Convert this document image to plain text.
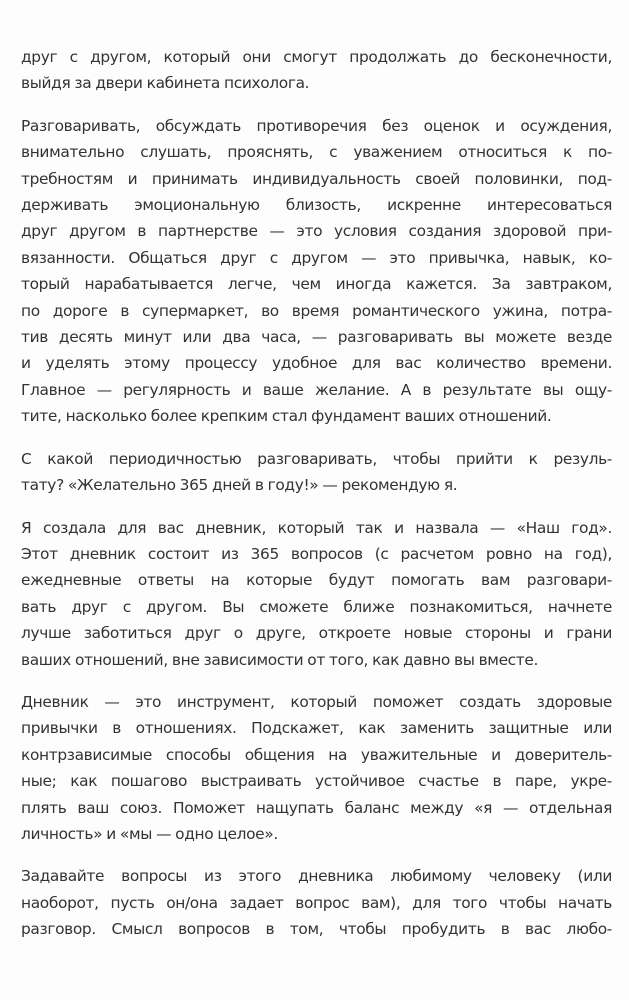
друг с другом, который они смогут продолжать до бесконечности,
выйдя за двери кабинета психолога.

Разговаривать, обсуждать противоречия без оценок и осуждения,
внимательно слушать, прояснять, с уважением относиться к по-
требностям и принимать индивидуальность своей половинки, под-
держивать эмоциональную близость, искренне интересоваться
друг другом в партнерстве — это условия создания здоровой при-
вязанности. Общаться друг с другом — это привычка, навык, ко-
торый нарабатывается легче, чем иногда кажется. За завтраком,
по дороге в супермаркет, во время романтического ужина, потра-
тив десять минут или два часа, — разговаривать вы можете везде
и уделять этому процессу удобное для вас количество времени.
Главное — регулярность и ваше желание. А в результате вы ощу-
тите, насколько более крепким стал фундамент ваших отношений.

С какой периодичностью разговаривать, чтобы прийти к резуль-
тату? «Желательно 365 дней в году!» — рекомендую я.

Я создала для вас дневник, который так и назвала — «Наш год».
Этот дневник состоит из 365 вопросов (с расчетом ровно на год),
ежедневные ответы на которые будут помогать вам разговари-
вать друг с другом. Вы сможете ближе познакомиться, начнете
лучше заботиться друг о друге, откроете новые стороны и грани
ваших отношений, вне зависимости от того, как давно вы вместе.

Дневник — это инструмент, который поможет создать здоровые
привычки в отношениях. Подскажет, как заменить защитные или
контрзависимые способы общения на уважительные и доверитель-
ные; как пошагово выстраивать устойчивое счастье в паре, укре-
плять ваш союз. Поможет нащупать баланс между «я — отдельная
личность» и «мы — одно целое».

Задавайте вопросы из этого дневника любимому человеку (или
наоборот, пусть он/она задает вопрос вам), для того чтобы начать
разговор. Смысл вопросов в том, чтобы пробудить в вас любо-
